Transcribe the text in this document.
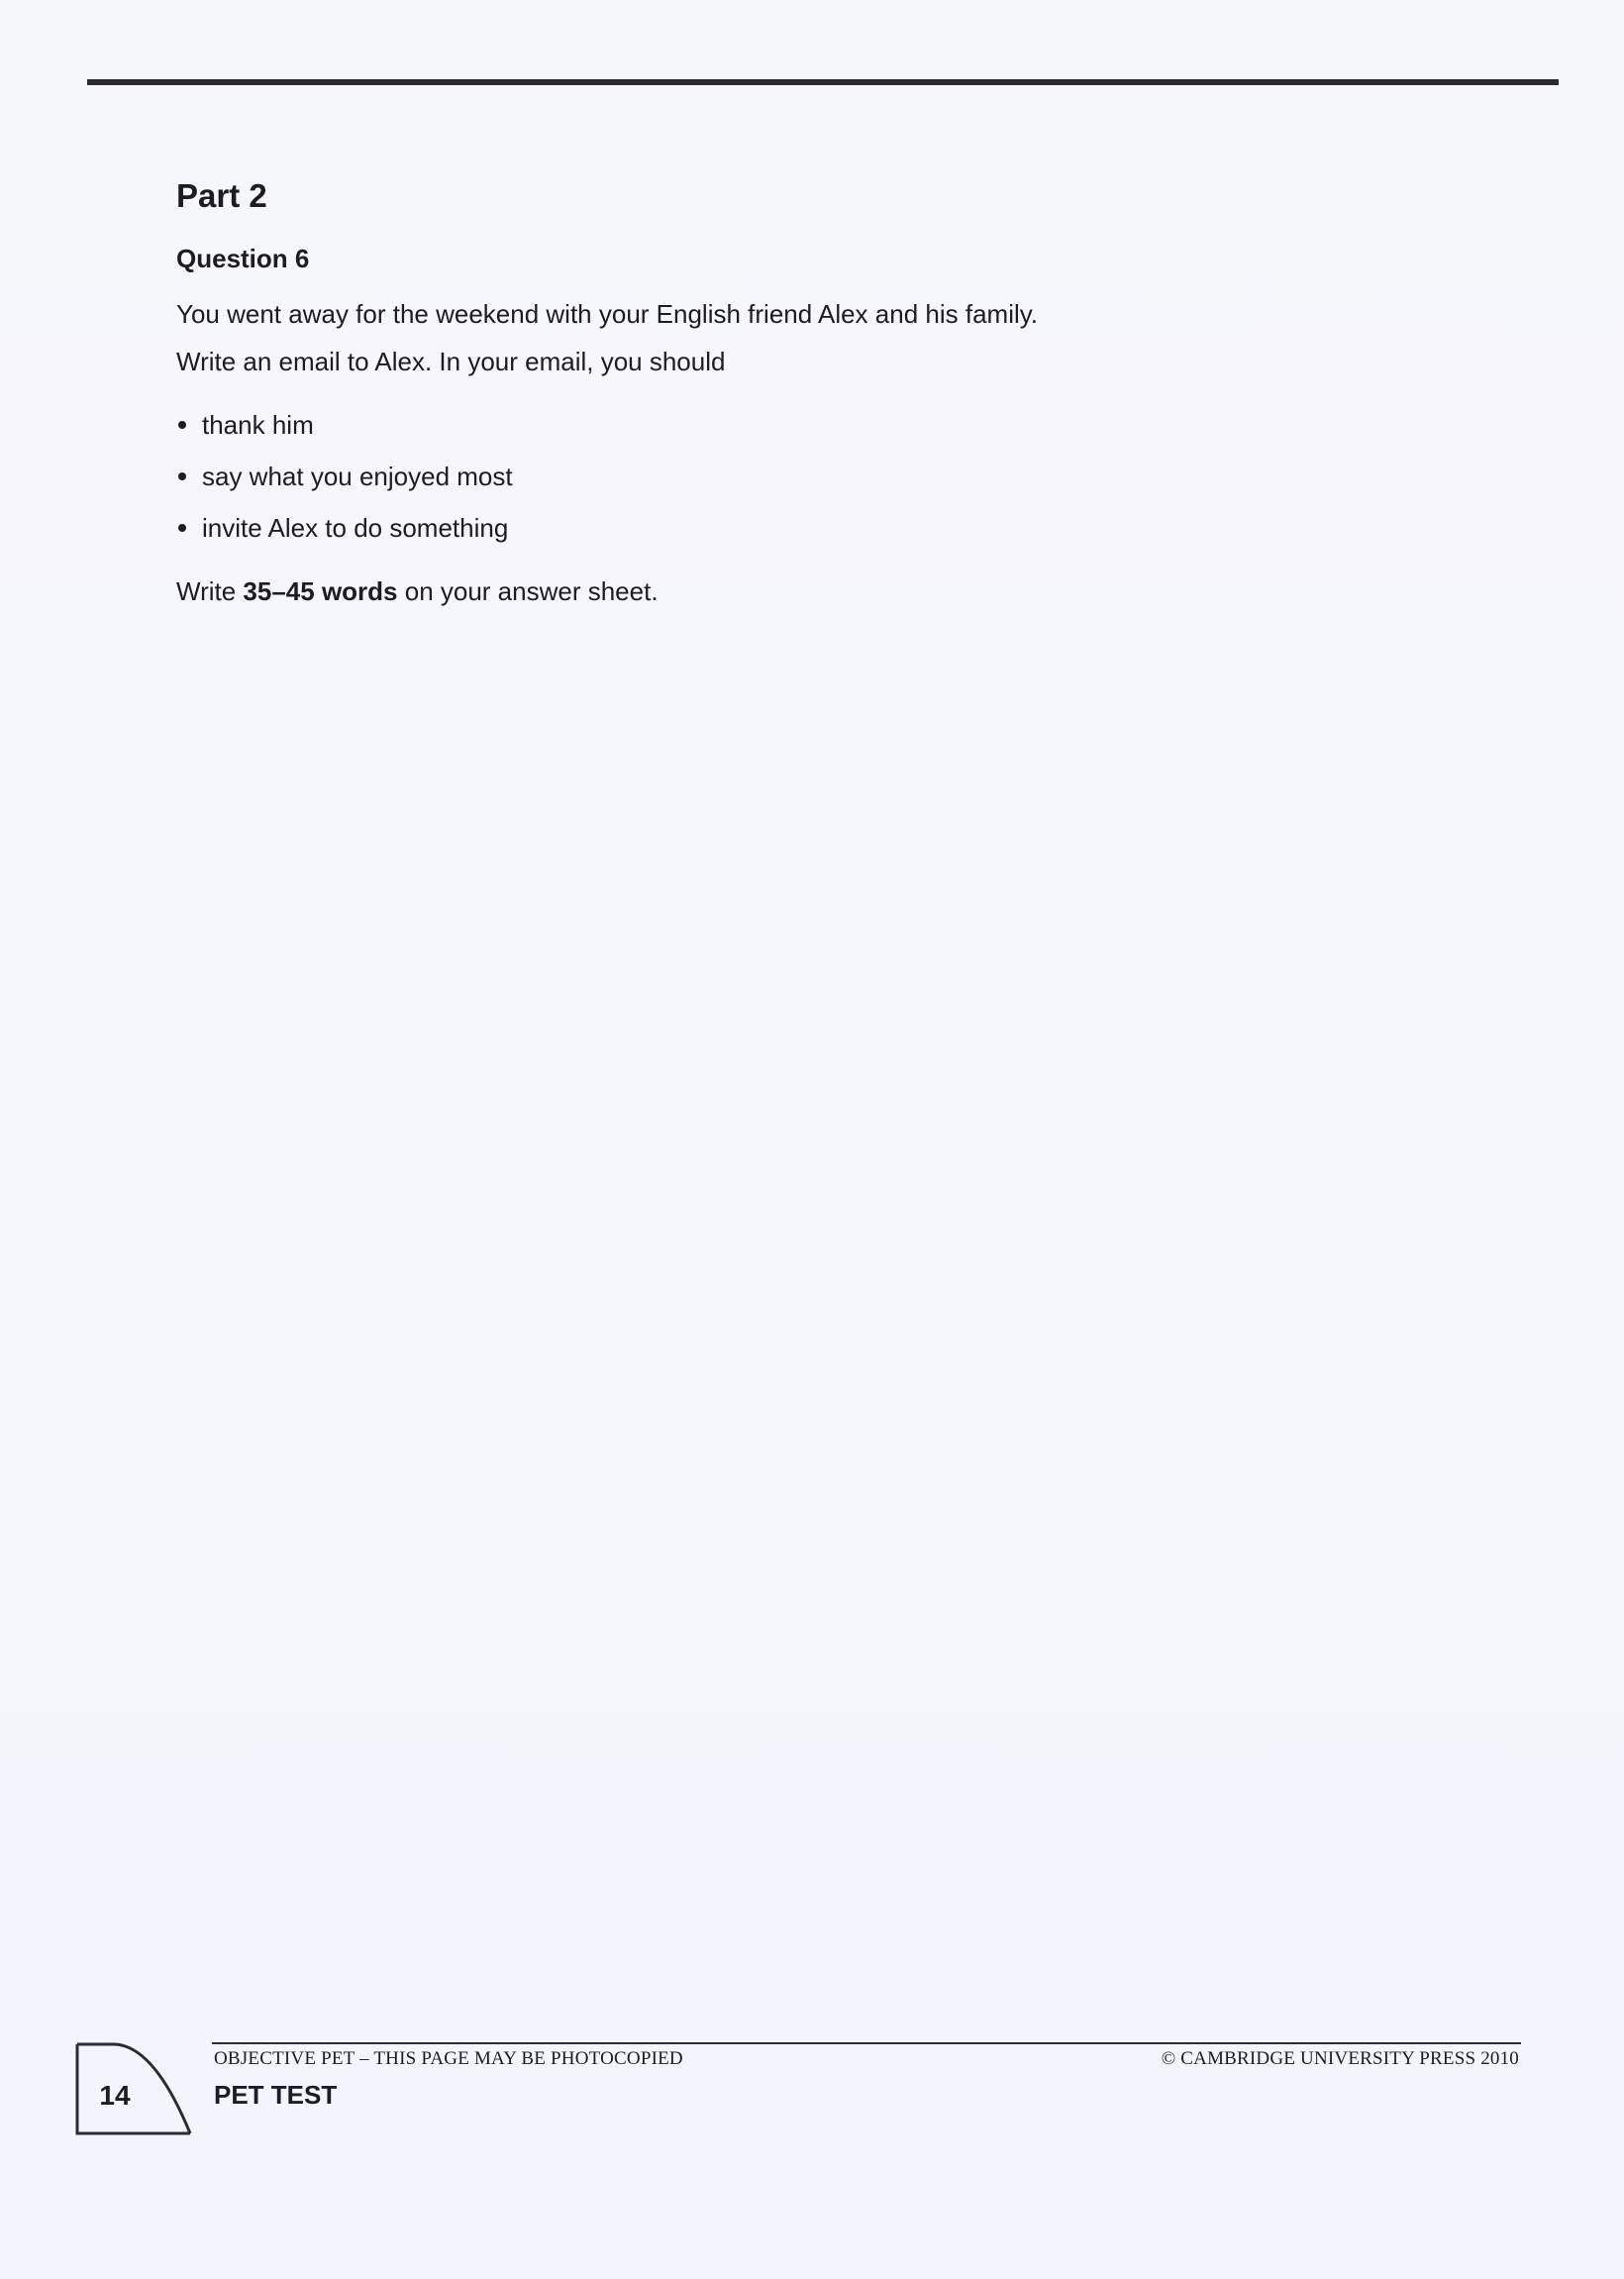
Part 2
Question 6
You went away for the weekend with your English friend Alex and his family.
Write an email to Alex. In your email, you should
thank him
say what you enjoyed most
invite Alex to do something
Write 35–45 words on your answer sheet.
14
OBJECTIVE PET – THIS PAGE MAY BE PHOTOCOPIED	© CAMBRIDGE UNIVERSITY PRESS 2010
PET TEST
